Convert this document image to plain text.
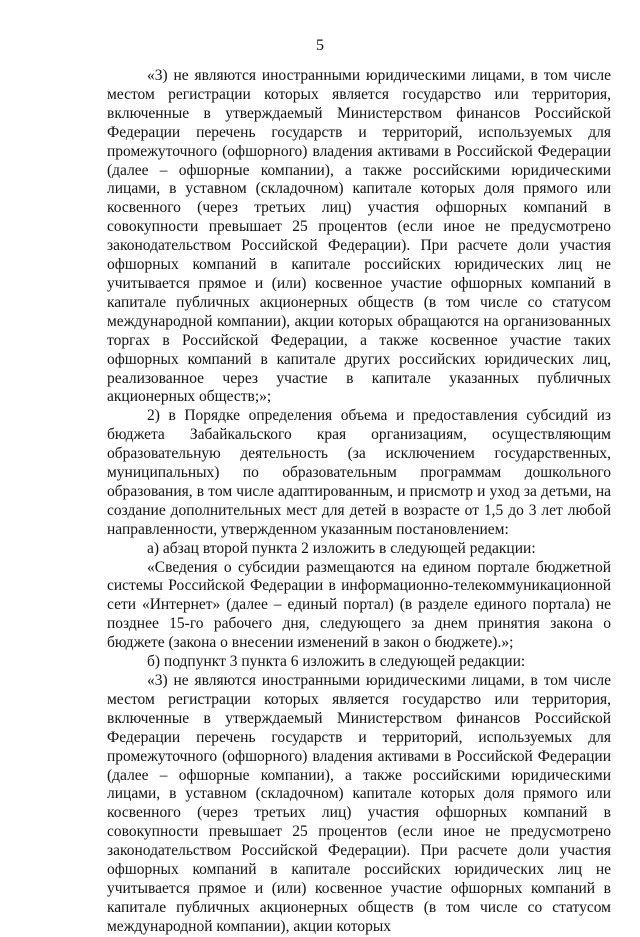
5

«3) не являются иностранными юридическими лицами, в том числе местом регистрации которых является государство или территория, включенные в утверждаемый Министерством финансов Российской Федерации перечень государств и территорий, используемых для промежуточного (офшорного) владения активами в Российской Федерации (далее – офшорные компании), а также российскими юридическими лицами, в уставном (складочном) капитале которых доля прямого или косвенного (через третьих лиц) участия офшорных компаний в совокупности превышает 25 процентов (если иное не предусмотрено законодательством Российской Федерации). При расчете доли участия офшорных компаний в капитале российских юридических лиц не учитывается прямое и (или) косвенное участие офшорных компаний в капитале публичных акционерных обществ (в том числе со статусом международной компании), акции которых обращаются на организованных торгах в Российской Федерации, а также косвенное участие таких офшорных компаний в капитале других российских юридических лиц, реализованное через участие в капитале указанных публичных акционерных обществ;»;

2) в Порядке определения объема и предоставления субсидий из бюджета Забайкальского края организациям, осуществляющим образовательную деятельность (за исключением государственных, муниципальных) по образовательным программам дошкольного образования, в том числе адаптированным, и присмотр и уход за детьми, на создание дополнительных мест для детей в возрасте от 1,5 до 3 лет любой направленности, утвержденном указанным постановлением:

а) абзац второй пункта 2 изложить в следующей редакции:

«Сведения о субсидии размещаются на едином портале бюджетной системы Российской Федерации в информационно-телекоммуникационной сети «Интернет» (далее – единый портал) (в разделе единого портала) не позднее 15-го рабочего дня, следующего за днем принятия закона о бюджете (закона о внесении изменений в закон о бюджете).»;

б) подпункт 3 пункта 6 изложить в следующей редакции:

«3) не являются иностранными юридическими лицами, в том числе местом регистрации которых является государство или территория, включенные в утверждаемый Министерством финансов Российской Федерации перечень государств и территорий, используемых для промежуточного (офшорного) владения активами в Российской Федерации (далее – офшорные компании), а также российскими юридическими лицами, в уставном (складочном) капитале которых доля прямого или косвенного (через третьих лиц) участия офшорных компаний в совокупности превышает 25 процентов (если иное не предусмотрено законодательством Российской Федерации). При расчете доли участия офшорных компаний в капитале российских юридических лиц не учитывается прямое и (или) косвенное участие офшорных компаний в капитале публичных акционерных обществ (в том числе со статусом международной компании), акции которых
